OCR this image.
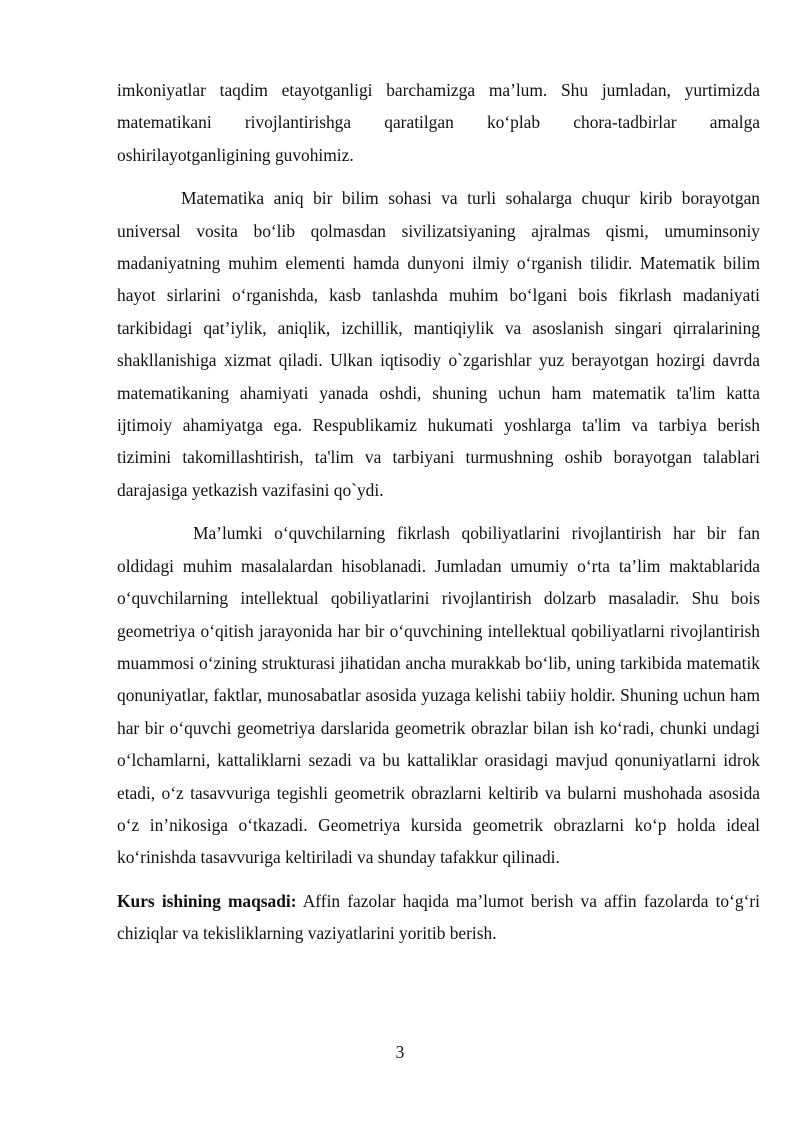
imkoniyatlar taqdim etayotganligi barchamizga ma’lum. Shu jumladan, yurtimizda matematikani rivojlantirishga qaratilgan ko‘plab chora-tadbirlar amalga oshirilayotganligining guvohimiz.

Matematika aniq bir bilim sohasi va turli sohalarga chuqur kirib borayotgan universal vosita bo‘lib qolmasdan sivilizatsiyaning ajralmas qismi, umuminsoniy madaniyatning muhim elementi hamda dunyoni ilmiy o‘rganish tilidir. Matematik bilim hayot sirlarini o‘rganishda, kasb tanlashda muhim bo‘lgani bois fikrlash madaniyati tarkibidagi qat’iylik, aniqlik, izchillik, mantiqiylik va asoslanish singari qirralarining shakllanishiga xizmat qiladi. Ulkan iqtisodiy o`zgarishlar yuz berayotgan hozirgi davrda matematikaning ahamiyati yanada oshdi, shuning uchun ham matematik ta'lim katta ijtimoiy ahamiyatga ega. Respublikamiz hukumati yoshlarga ta'lim va tarbiya berish tizimini takomillashtirish, ta'lim va tarbiyani turmushning oshib borayotgan talablari darajasiga yetkazish vazifasini qo`ydi.

Ma’lumki o‘quvchilarning fikrlash qobiliyatlarini rivojlantirish har bir fan oldidagi muhim masalalardan hisoblanadi. Jumladan umumiy o‘rta ta’lim maktablarida o‘quvchilarning intellektual qobiliyatlarini rivojlantirish dolzarb masaladir. Shu bois geometriya o‘qitish jarayonida har bir o‘quvchining intellektual qobiliyatlarni rivojlantirish muammosi o‘zining strukturasi jihatidan ancha murakkab bo‘lib, uning tarkibida matematik qonuniyatlar, faktlar, munosabatlar asosida yuzaga kelishi tabiiy holdir. Shuning uchun ham har bir o‘quvchi geometriya darslarida geometrik obrazlar bilan ish ko‘radi, chunki undagi o‘lchamlarni, kattaliklarni sezadi va bu kattaliklar orasidagi mavjud qonuniyatlarni idrok etadi, o‘z tasavvuriga tegishli geometrik obrazlarni keltirib va bularni mushohada asosida o‘z in’nikosiga o‘tkazadi. Geometriya kursida geometrik obrazlarni ko‘p holda ideal ko‘rinishda tasavvuriga keltiriladi va shunday tafakkur qilinadi.

Kurs ishining maqsadi: Affin fazolar haqida ma’lumot berish va affin fazolarda to‘g‘ri chiziqlar va tekisliklarning vaziyatlarini yoritib berish.

3
